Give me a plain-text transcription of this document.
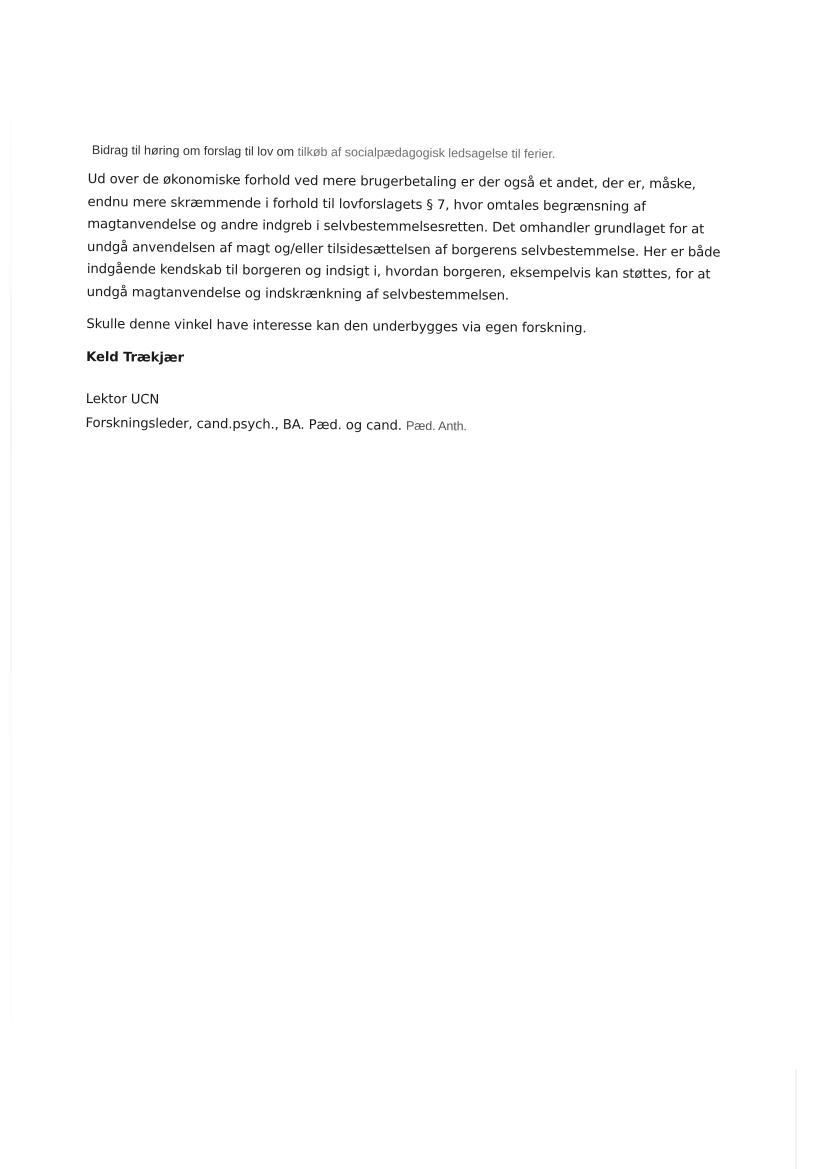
Bidrag til høring om forslag til lov om tilkøb af socialpædagogisk ledsagelse til ferier.
Ud over de økonomiske forhold ved mere brugerbetaling er der også et andet, der er, måske,
endnu mere skræmmende i forhold til lovforslagets § 7, hvor omtales begrænsning af
magtanvendelse og andre indgreb i selvbestemmelsesretten. Det omhandler grundlaget for at
undgå anvendelsen af magt og/eller tilsidesættelsen af borgerens selvbestemmelse. Her er både
indgående kendskab til borgeren og indsigt i, hvordan borgeren, eksempelvis kan støttes, for at
undgå magtanvendelse og indskrænkning af selvbestemmelsen.
Skulle denne vinkel have interesse kan den underbygges via egen forskning.
Keld Trækjær
Lektor UCN
Forskningsleder, cand.psych., BA. Pæd. og cand. Pæd. Anth.
